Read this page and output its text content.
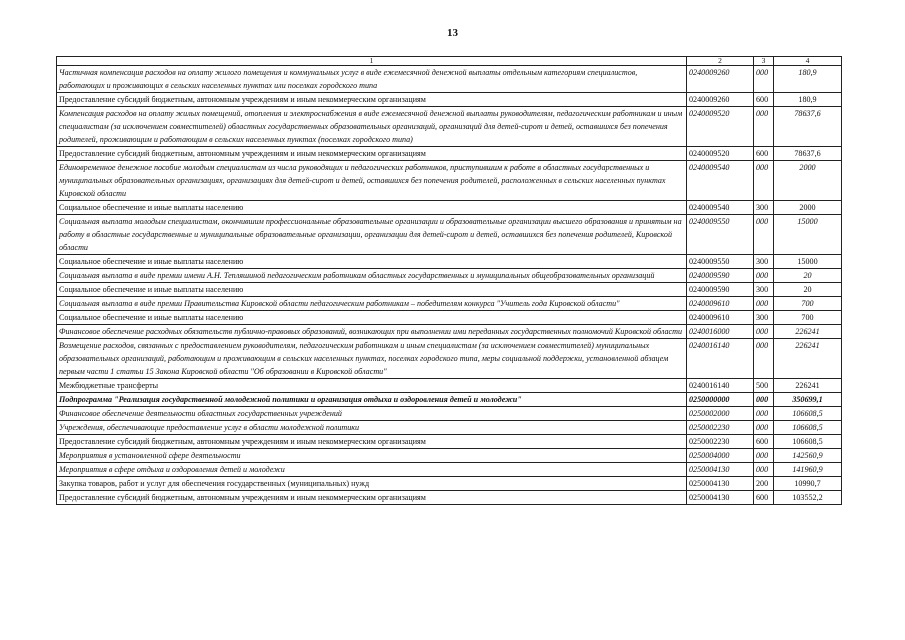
13
1	2	3	4
Частичная компенсация расходов на оплату жилого помещения и коммунальных услуг в виде ежемесячной денежной выплаты отдельным категориям специалистов, работающих и проживающих в сельских населенных пунктах или поселках городского типа	0240009260	000	180,9
Предоставление субсидий бюджетным, автономным учреждениям и иным некоммерческим организациям	0240009260	600	180,9
Компенсация расходов на оплату жилых помещений, отопления и электроснабжения в виде ежемесячной денежной выплаты руководителям, педагогическим работникам и иным специалистам (за исключением совместителей) областных государственных образовательных организаций, организаций для детей-сирот и детей, оставшихся без попечения родителей, проживающим и работающим в сельских населенных пунктах (поселках городского типа)	0240009520	000	78637,6
Предоставление субсидий бюджетным, автономным учреждениям и иным некоммерческим организациям	0240009520	600	78637,6
Единовременное денежное пособие молодым специалистам из числа руководящих и педагогических работников, приступившим к работе в областных государственных и муниципальных образовательных организациях, организациях для детей-сирот и детей, оставшихся без попечения родителей, расположенных в сельских населенных пунктах Кировской области	0240009540	000	2000
Социальное обеспечение и иные выплаты населению	0240009540	300	2000
Социальная выплата молодым специалистам, окончившим профессиональные образовательные организации и образовательные организации высшего образования и принятым на работу в областные государственные и муниципальные образовательные организации, организации для детей-сирот и детей, оставшихся без попечения родителей, Кировской области	0240009550	000	15000
Социальное обеспечение и иные выплаты населению	0240009550	300	15000
Социальная выплата в виде премии имени А.Н. Тепляшиной педагогическим работникам областных государственных и муниципальных общеобразовательных организаций	0240009590	000	20
Социальное обеспечение и иные выплаты населению	0240009590	300	20
Социальная выплата в виде премии Правительства Кировской области педагогическим работникам – победителям конкурса "Учитель года Кировской области"	0240009610	000	700
Социальное обеспечение и иные выплаты населению	0240009610	300	700
Финансовое обеспечение расходных обязательств публично-правовых образований, возникающих при выполнении ими переданных государственных полномочий Кировской области	0240016000	000	226241
Возмещение расходов, связанных с предоставлением руководителям, педагогическим работникам и иным специалистам (за исключением совместителей) муниципальных образовательных организаций, работающим и проживающим в сельских населенных пунктах, поселках городского типа, меры социальной поддержки, установленной абзацем первым части 1 статьи 15 Закона Кировской области "Об образовании в Кировской области"	0240016140	000	226241
Межбюджетные трансферты	0240016140	500	226241
Подпрограмма "Реализация государственной молодежной политики и организация отдыха и оздоровления детей и молодежи"	0250000000	000	350699,1
Финансовое обеспечение деятельности областных государственных учреждений	0250002000	000	106608,5
Учреждения, обеспечивающие предоставление услуг в области молодежной политики	0250002230	000	106608,5
Предоставление субсидий бюджетным, автономным учреждениям и иным некоммерческим организациям	0250002230	600	106608,5
Мероприятия в установленной сфере деятельности	0250004000	000	142560,9
Мероприятия в сфере отдыха и оздоровления детей и молодежи	0250004130	000	141960,9
Закупка товаров, работ и услуг для обеспечения государственных (муниципальных) нужд	0250004130	200	10990,7
Предоставление субсидий бюджетным, автономным учреждениям и иным некоммерческим организациям	0250004130	600	103552,2
